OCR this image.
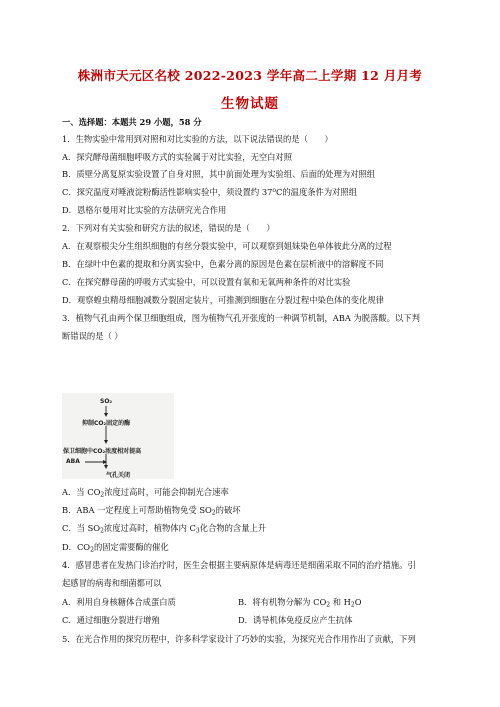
株洲市天元区名校 2022-2023 学年高二上学期 12 月月考
生物试题
一、选择题：本题共 29 小题，58 分
1．生物实验中常用到对照和对比实验的方法，以下说法错误的是（　　）
A．探究酵母菌细胞呼吸方式的实验属于对比实验，无空白对照
B．质壁分离复原实验设置了自身对照，其中前面处理为实验组、后面的处理为对照组
C．探究温度对唾液淀粉酶活性影响实验中，须设置约 37$^o$C的温度条件为对照组
D．恩格尔曼用对比实验的方法研究光合作用
2．下列对有关实验和研究方法的叙述，错误的是（　　）
A．在观察根尖分生组织细胞的有丝分裂实验中，可以观察到姐妹染色单体彼此分离的过程
B．在绿叶中色素的提取和分离实验中，色素分离的原因是色素在层析液中的溶解度不同
C．在探究酵母菌的呼吸方式实验中，可以设置有氧和无氧两种条件的对比实验
D．观察蝗虫精母细胞减数分裂固定装片，可推测到细胞在分裂过程中染色体的变化规律
3．植物气孔由两个保卫细胞组成，图为植物气孔开张度的一种调节机制，ABA 为脱落酸。以下判
断错误的是（ ）
SO₂
抑制CO₂固定的酶
保卫细胞中CO₂浓度相对提高
ABA
气孔关闭
A．当 $CO_2$浓度过高时，可能会抑制光合速率
B．ABA 一定程度上可帮助植物免受 $SO_2$的破坏
C．当 $SO_2$浓度过高时，植物体内 $C_3$化合物的含量上升
D．$CO_2$的固定需要酶的催化
4．感冒患者在发热门诊治疗时，医生会根据主要病原体是病毒还是细菌采取不同的治疗措施。引
起感冒的病毒和细菌都可以
A．利用自身核糖体合成蛋白质	B．将有机物分解为 $CO_2$ 和 $H_2O$
C．通过细胞分裂进行增殖	D．诱导机体免疫反应产生抗体
5．在光合作用的探究历程中，许多科学家设计了巧妙的实验，为探究光合作用作出了贡献，下列
